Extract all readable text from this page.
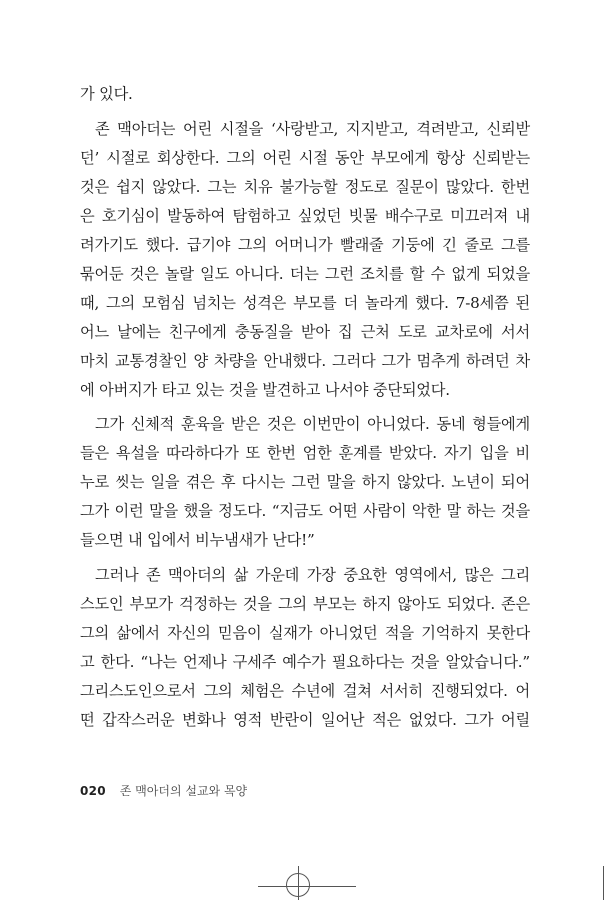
가 있다.
존 맥아더는 어린 시절을 ‘사랑받고, 지지받고, 격려받고, 신뢰받
던’ 시절로 회상한다. 그의 어린 시절 동안 부모에게 항상 신뢰받는
것은 쉽지 않았다. 그는 치유 불가능할 정도로 질문이 많았다. 한번
은 호기심이 발동하여 탐험하고 싶었던 빗물 배수구로 미끄러져 내
려가기도 했다. 급기야 그의 어머니가 빨래줄 기둥에 긴 줄로 그를
묶어둔 것은 놀랄 일도 아니다. 더는 그런 조치를 할 수 없게 되었을
때, 그의 모험심 넘치는 성격은 부모를 더 놀라게 했다. 7-8세쯤 된
어느 날에는 친구에게 충동질을 받아 집 근처 도로 교차로에 서서
마치 교통경찰인 양 차량을 안내했다. 그러다 그가 멈추게 하려던 차
에 아버지가 타고 있는 것을 발견하고 나서야 중단되었다.
그가 신체적 훈육을 받은 것은 이번만이 아니었다. 동네 형들에게
들은 욕설을 따라하다가 또 한번 엄한 훈계를 받았다. 자기 입을 비
누로 씻는 일을 겪은 후 다시는 그런 말을 하지 않았다. 노년이 되어
그가 이런 말을 했을 정도다. “지금도 어떤 사람이 악한 말 하는 것을
들으면 내 입에서 비누냄새가 난다!”
그러나 존 맥아더의 삶 가운데 가장 중요한 영역에서, 많은 그리
스도인 부모가 걱정하는 것을 그의 부모는 하지 않아도 되었다. 존은
그의 삶에서 자신의 믿음이 실재가 아니었던 적을 기억하지 못한다
고 한다. “나는 언제나 구세주 예수가 필요하다는 것을 알았습니다.”
그리스도인으로서 그의 체험은 수년에 걸쳐 서서히 진행되었다. 어
떤 갑작스러운 변화나 영적 반란이 일어난 적은 없었다. 그가 어릴
020 존 맥아더의 설교와 목양
